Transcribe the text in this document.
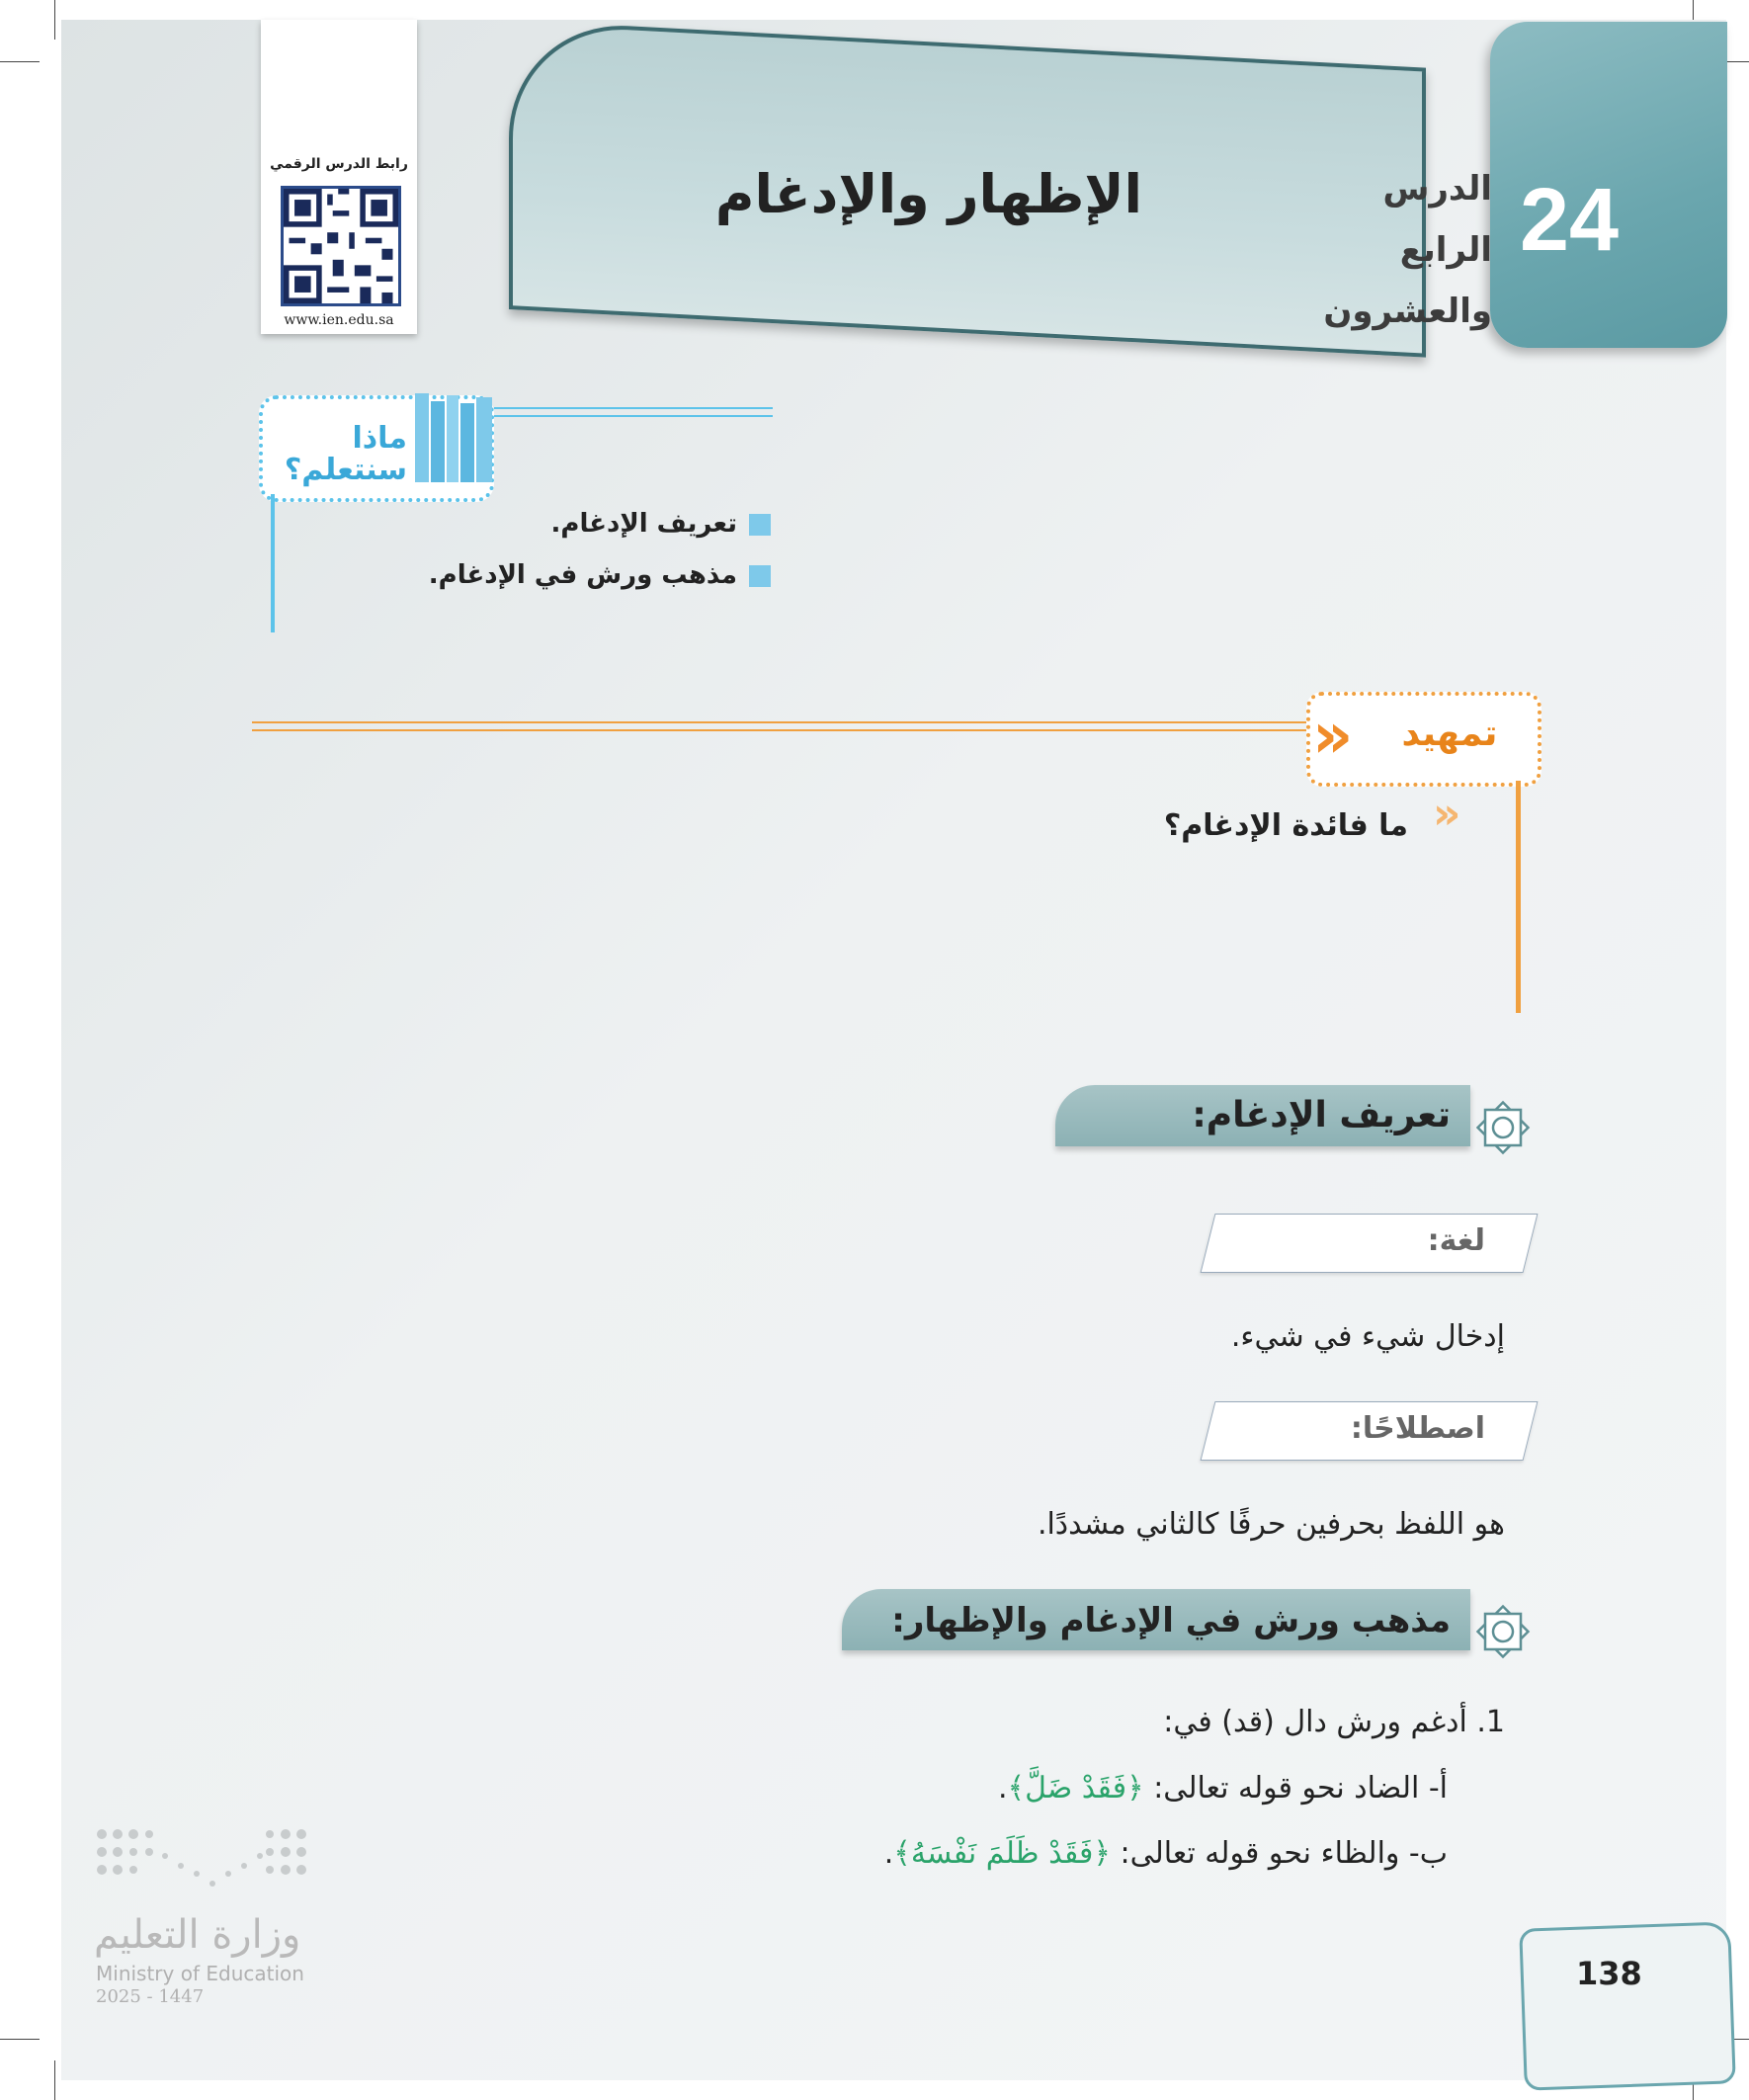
الإظهار والإدغام	24
الدرس الرابع
والعشرون
رابط الدرس الرقمي
www.ien.edu.sa
ماذا
سنتعلم؟
تعريف الإدغام.
مذهب ورش في الإدغام.
تمهيد
«
«
ما فائدة الإدغام؟
تعريف الإدغام:
لغة:
إدخال شيء في شيء.
اصطلاحًا:
هو اللفظ بحرفين حرفًا كالثاني مشددًا.
مذهب ورش في الإدغام والإظهار:
1. أدغم ورش دال (قد) في:
أ- الضاد نحو قوله تعالى: ﴿فَقَدْ ضَلَّ﴾.
ب- والظاء نحو قوله تعالى: ﴿فَقَدْ ظَلَمَ نَفْسَهُ﴾.
وزارة التعليم
Ministry of Education
2025 - 1447
138
